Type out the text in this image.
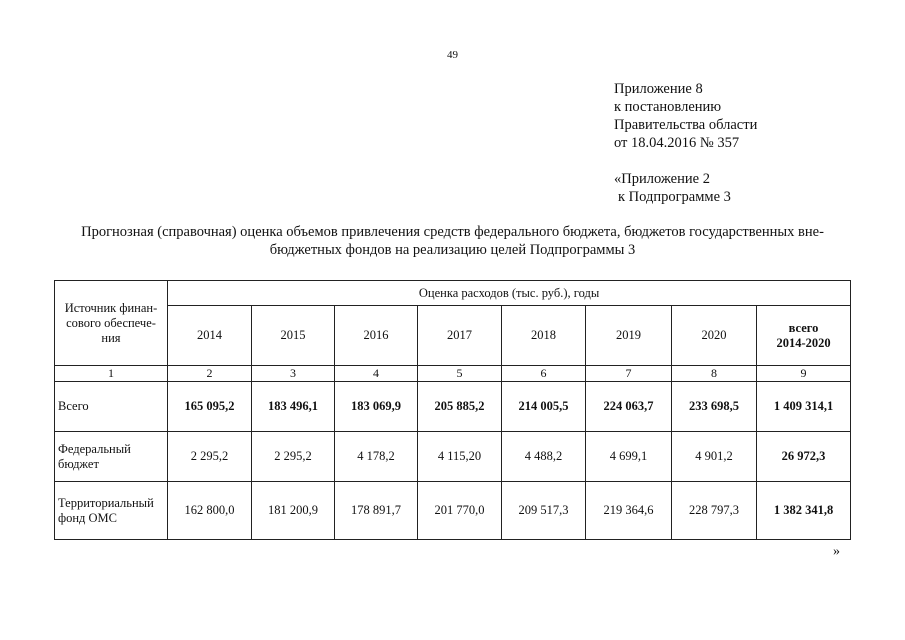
49
Приложение 8
к постановлению
Правительства области
от 18.04.2016 № 357
«Приложение 2
к Подпрограмме 3
Прогнозная (справочная) оценка объемов привлечения средств федерального бюджета, бюджетов государственных вне-
бюджетных фондов на реализацию целей Подпрограммы 3
Источник финан-
сового обеспече-
ния	Оценка расходов (тыс. руб.), годы							
	2014	2015	2016	2017	2018	2019	2020	всего
2014-2020

1	2	3	4	5	6	7	8	9

Всего	165 095,2	183 496,1	183 069,9	205 885,2	214 005,5	224 063,7	233 698,5	1 409 314,1

Федеральный
бюджет	2 295,2	2 295,2	4 178,2	4 115,20	4 488,2	4 699,1	4 901,2	26 972,3

Территориальный
фонд ОМС	162 800,0	181 200,9	178 891,7	201 770,0	209 517,3	219 364,6	228 797,3	1 382 341,8
»
